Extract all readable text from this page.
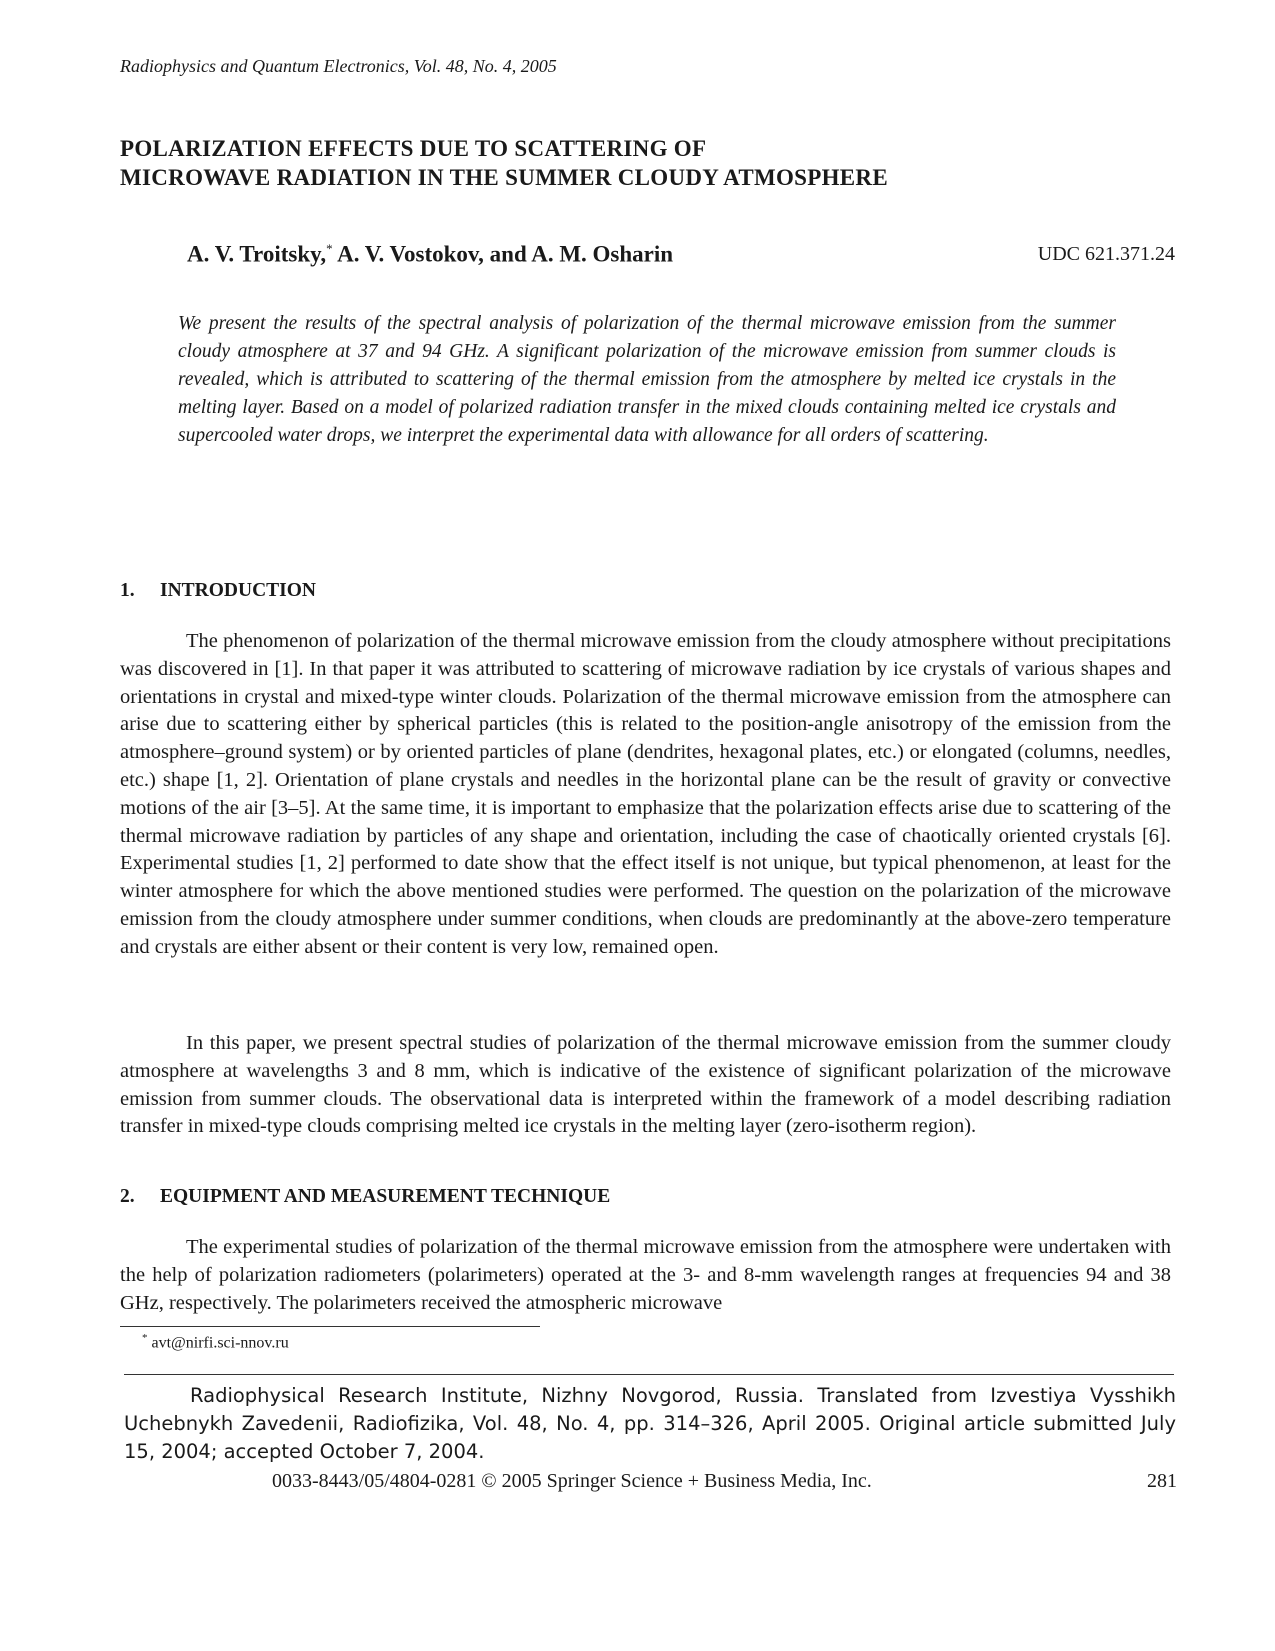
Radiophysics and Quantum Electronics, Vol. 48, No. 4, 2005
POLARIZATION EFFECTS DUE TO SCATTERING OF
MICROWAVE RADIATION IN THE SUMMER CLOUDY ATMOSPHERE
A. V. Troitsky,* A. V. Vostokov, and A. M. Osharin	UDC 621.371.24
We present the results of the spectral analysis of polarization of the thermal microwave emission from the summer cloudy atmosphere at 37 and 94 GHz. A significant polarization of the microwave emission from summer clouds is revealed, which is attributed to scattering of the thermal emission from the atmosphere by melted ice crystals in the melting layer. Based on a model of polarized radiation transfer in the mixed clouds containing melted ice crystals and supercooled water drops, we interpret the experimental data with allowance for all orders of scattering.
1. INTRODUCTION
The phenomenon of polarization of the thermal microwave emission from the cloudy atmosphere without precipitations was discovered in [1]. In that paper it was attributed to scattering of microwave radiation by ice crystals of various shapes and orientations in crystal and mixed-type winter clouds. Polarization of the thermal microwave emission from the atmosphere can arise due to scattering either by spherical particles (this is related to the position-angle anisotropy of the emission from the atmosphere–ground system) or by oriented particles of plane (dendrites, hexagonal plates, etc.) or elongated (columns, needles, etc.) shape [1, 2]. Orientation of plane crystals and needles in the horizontal plane can be the result of gravity or convective motions of the air [3–5]. At the same time, it is important to emphasize that the polarization effects arise due to scattering of the thermal microwave radiation by particles of any shape and orientation, including the case of chaotically oriented crystals [6]. Experimental studies [1, 2] performed to date show that the effect itself is not unique, but typical phenomenon, at least for the winter atmosphere for which the above mentioned studies were performed. The question on the polarization of the microwave emission from the cloudy atmosphere under summer conditions, when clouds are predominantly at the above-zero temperature and crystals are either absent or their content is very low, remained open.
In this paper, we present spectral studies of polarization of the thermal microwave emission from the summer cloudy atmosphere at wavelengths 3 and 8 mm, which is indicative of the existence of significant polarization of the microwave emission from summer clouds. The observational data is interpreted within the framework of a model describing radiation transfer in mixed-type clouds comprising melted ice crystals in the melting layer (zero-isotherm region).
2. EQUIPMENT AND MEASUREMENT TECHNIQUE
The experimental studies of polarization of the thermal microwave emission from the atmosphere were undertaken with the help of polarization radiometers (polarimeters) operated at the 3- and 8-mm wavelength ranges at frequencies 94 and 38 GHz, respectively. The polarimeters received the atmospheric microwave
* avt@nirfi.sci-nnov.ru
Radiophysical Research Institute, Nizhny Novgorod, Russia. Translated from Izvestiya Vysshikh Uchebnykh Zavedenii, Radiofizika, Vol. 48, No. 4, pp. 314–326, April 2005. Original article submitted July 15, 2004; accepted October 7, 2004.
0033-8443/05/4804-0281 © 2005 Springer Science + Business Media, Inc.	281
